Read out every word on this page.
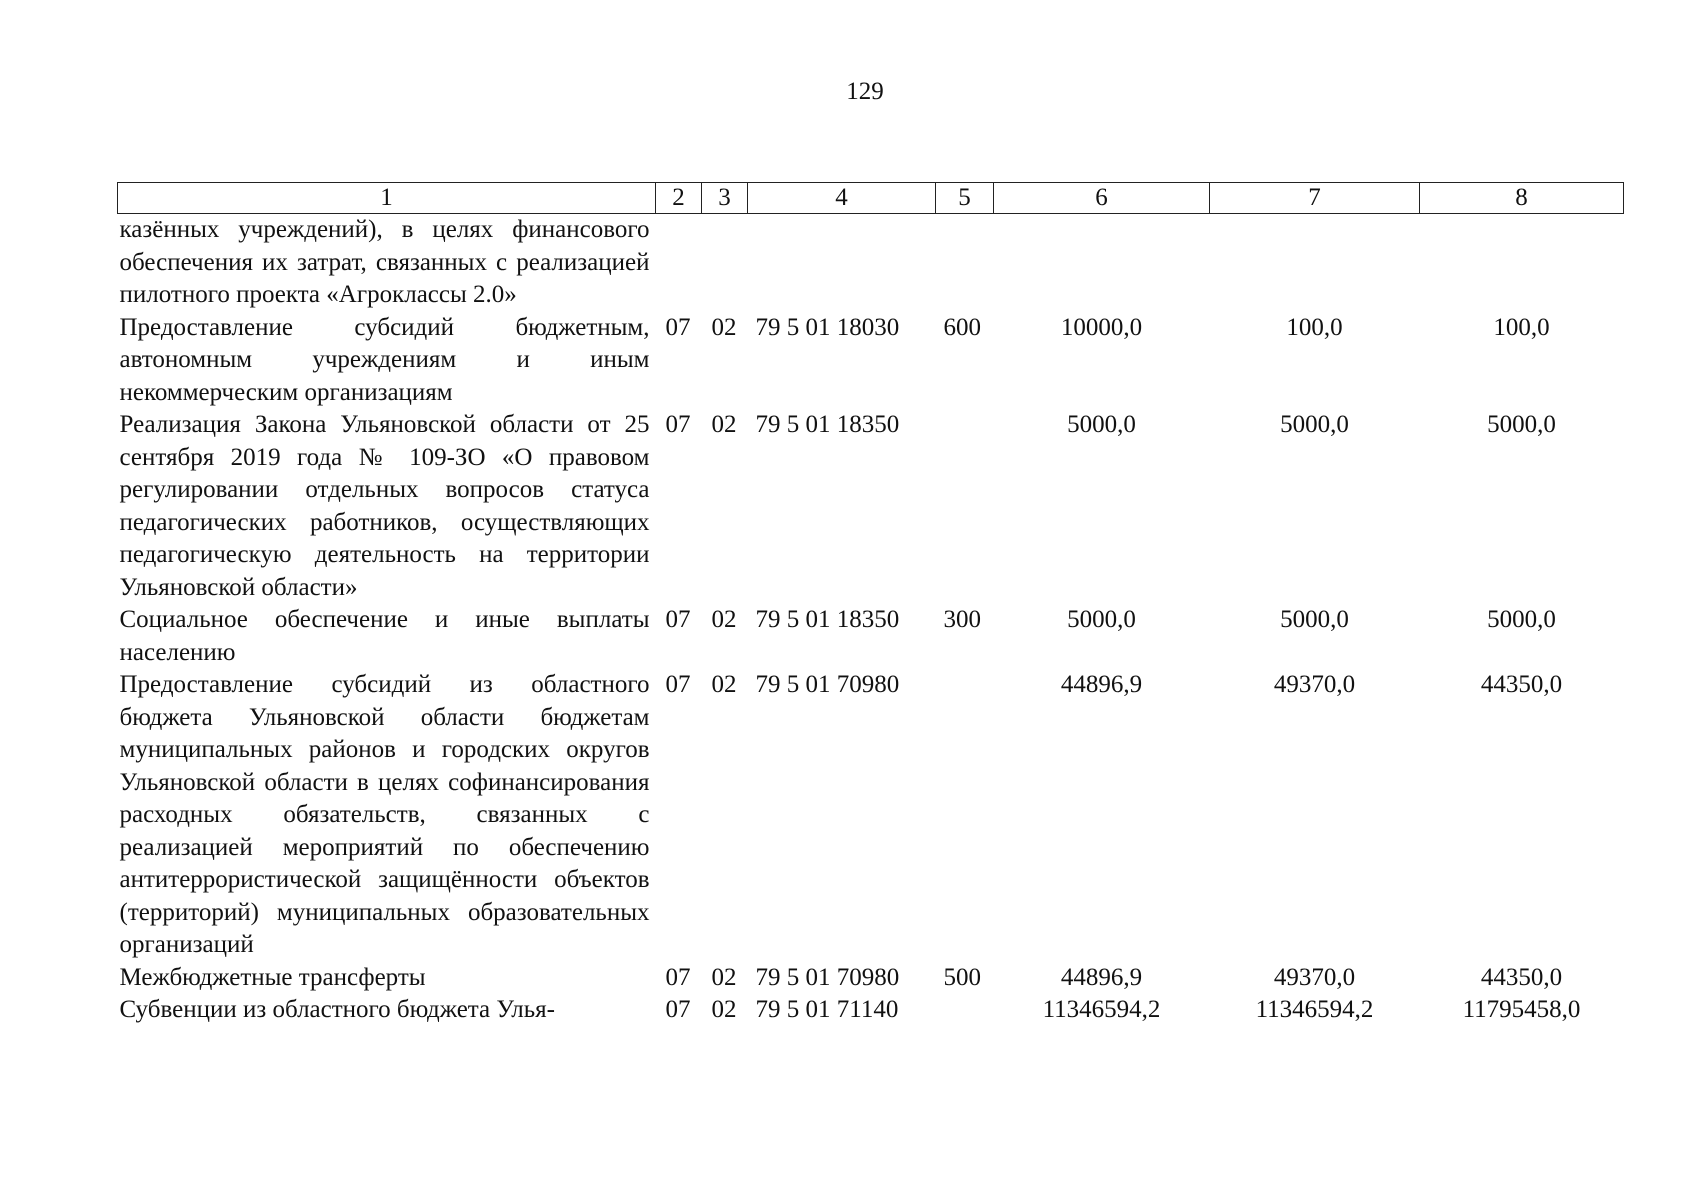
129
1	2	3	4	5	6	7	8
казённых учреждений), в целях финансового обеспечения их затрат, связанных с реализацией пилотного проекта «Агроклассы 2.0»							
Предоставление субсидий бюджетным, автономным учреждениям и иным некоммерческим организациям	07	02	79 5 01 18030	600	10000,0	100,0	100,0
Реализация Закона Ульяновской области от 25 сентября 2019 года № 109-ЗО «О правовом регулировании отдельных вопросов статуса педагогических работников, осуществляющих педагогическую деятельность на территории Ульяновской области»	07	02	79 5 01 18350		5000,0	5000,0	5000,0
Социальное обеспечение и иные выплаты населению	07	02	79 5 01 18350	300	5000,0	5000,0	5000,0
Предоставление субсидий из областного бюджета Ульяновской области бюджетам муниципальных районов и городских округов Ульяновской области в целях софинансирования расходных обязательств, связанных с реализацией мероприятий по обеспечению антитеррористической защищённости объектов (территорий) муниципальных образовательных организаций	07	02	79 5 01 70980		44896,9	49370,0	44350,0
Межбюджетные трансферты	07	02	79 5 01 70980	500	44896,9	49370,0	44350,0
Субвенции из областного бюджета Улья-	07	02	79 5 01 71140		11346594,2	11346594,2	11795458,0
